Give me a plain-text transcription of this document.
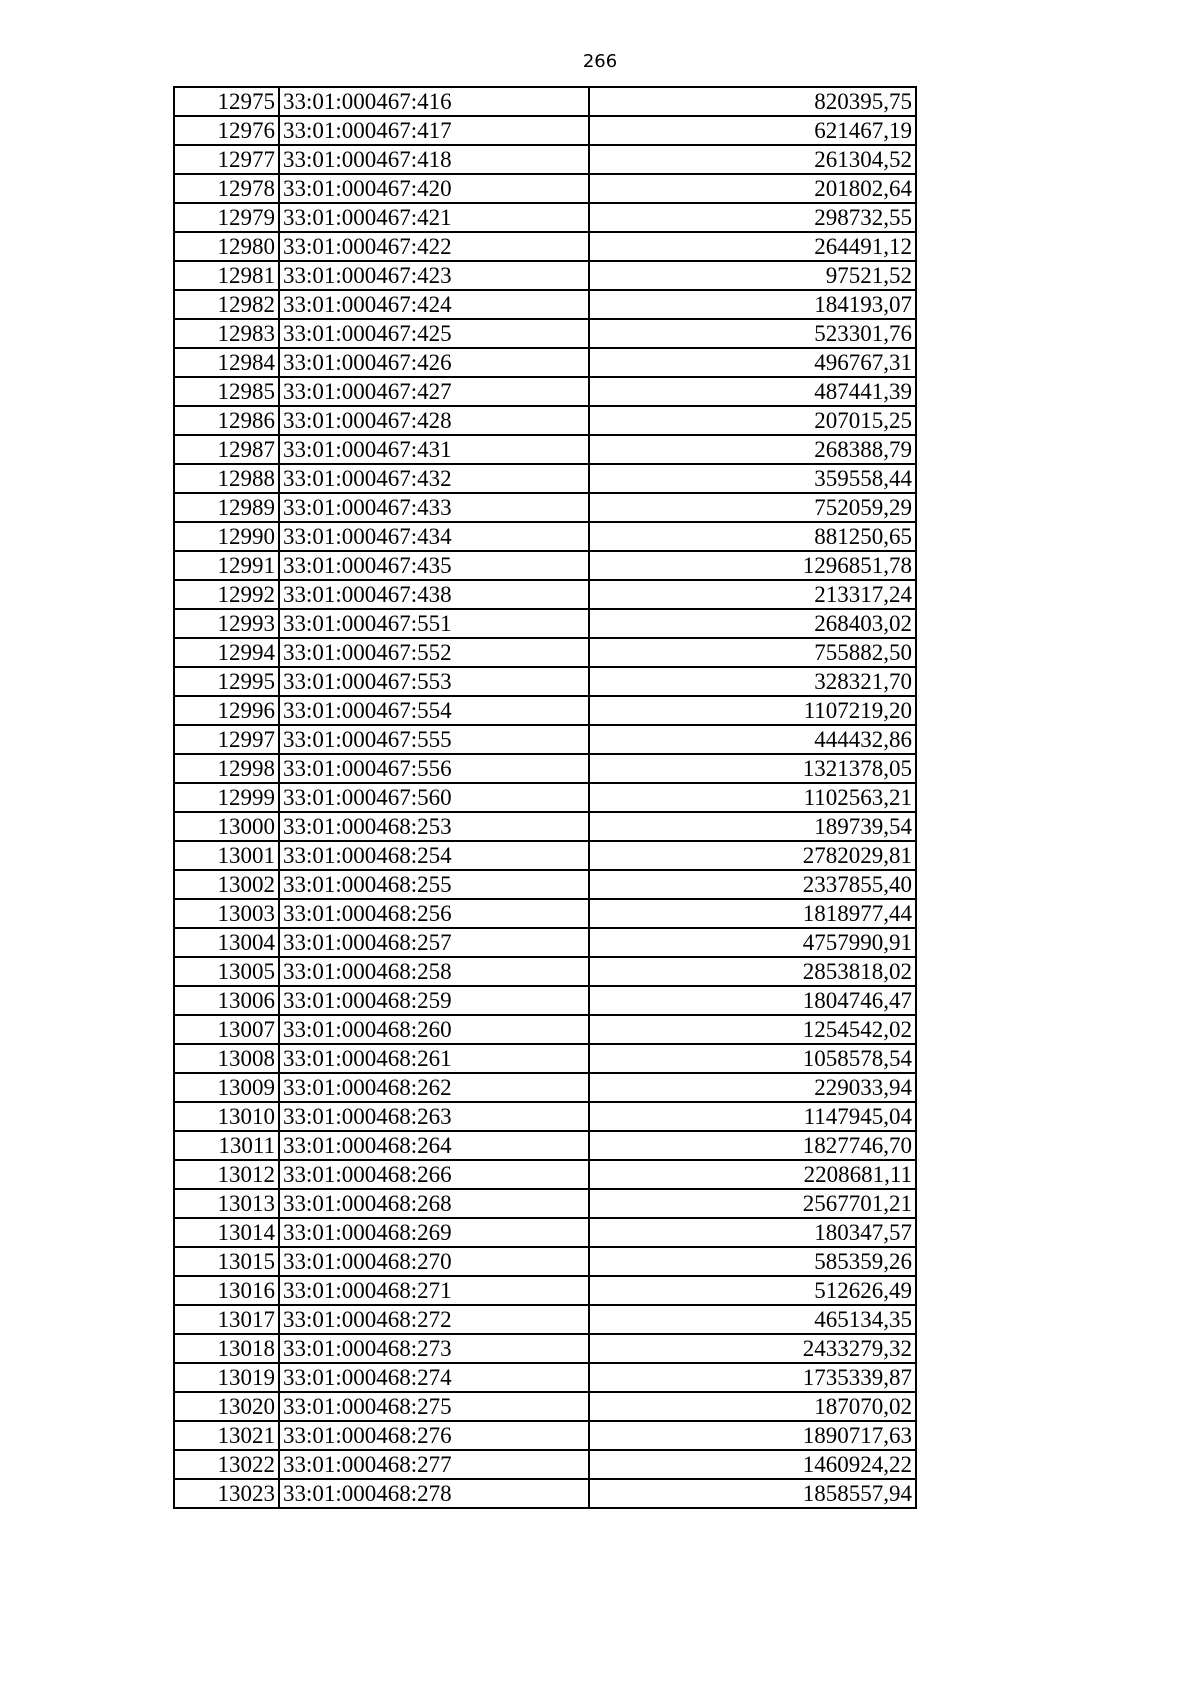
266
12975	33:01:000467:416	820395,75
12976	33:01:000467:417	621467,19
12977	33:01:000467:418	261304,52
12978	33:01:000467:420	201802,64
12979	33:01:000467:421	298732,55
12980	33:01:000467:422	264491,12
12981	33:01:000467:423	97521,52
12982	33:01:000467:424	184193,07
12983	33:01:000467:425	523301,76
12984	33:01:000467:426	496767,31
12985	33:01:000467:427	487441,39
12986	33:01:000467:428	207015,25
12987	33:01:000467:431	268388,79
12988	33:01:000467:432	359558,44
12989	33:01:000467:433	752059,29
12990	33:01:000467:434	881250,65
12991	33:01:000467:435	1296851,78
12992	33:01:000467:438	213317,24
12993	33:01:000467:551	268403,02
12994	33:01:000467:552	755882,50
12995	33:01:000467:553	328321,70
12996	33:01:000467:554	1107219,20
12997	33:01:000467:555	444432,86
12998	33:01:000467:556	1321378,05
12999	33:01:000467:560	1102563,21
13000	33:01:000468:253	189739,54
13001	33:01:000468:254	2782029,81
13002	33:01:000468:255	2337855,40
13003	33:01:000468:256	1818977,44
13004	33:01:000468:257	4757990,91
13005	33:01:000468:258	2853818,02
13006	33:01:000468:259	1804746,47
13007	33:01:000468:260	1254542,02
13008	33:01:000468:261	1058578,54
13009	33:01:000468:262	229033,94
13010	33:01:000468:263	1147945,04
13011	33:01:000468:264	1827746,70
13012	33:01:000468:266	2208681,11
13013	33:01:000468:268	2567701,21
13014	33:01:000468:269	180347,57
13015	33:01:000468:270	585359,26
13016	33:01:000468:271	512626,49
13017	33:01:000468:272	465134,35
13018	33:01:000468:273	2433279,32
13019	33:01:000468:274	1735339,87
13020	33:01:000468:275	187070,02
13021	33:01:000468:276	1890717,63
13022	33:01:000468:277	1460924,22
13023	33:01:000468:278	1858557,94
